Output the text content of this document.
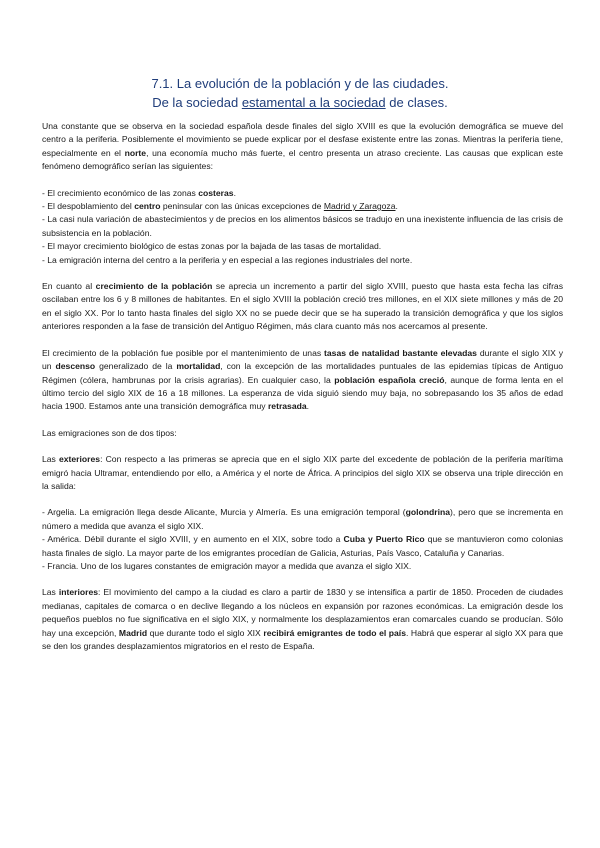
7.1. La evolución de la población y de las ciudades.
De la sociedad estamental a la sociedad de clases.

Una constante que se observa en la sociedad española desde finales del siglo XVIII es que la evolución demográfica se mueve del centro a la periferia. Posiblemente el movimiento se puede explicar por el desfase existente entre las zonas. Mientras la periferia tiene, especialmente en el norte, una economía mucho más fuerte, el centro presenta un atraso creciente. Las causas que explican este fenómeno demográfico serían las siguientes:

- El crecimiento económico de las zonas costeras.
- El despoblamiento del centro peninsular con las únicas excepciones de Madrid y Zaragoza.
- La casi nula variación de abastecimientos y de precios en los alimentos básicos se tradujo en una inexistente influencia de las crisis de subsistencia en la población.
- El mayor crecimiento biológico de estas zonas por la bajada de las tasas de mortalidad.
- La emigración interna del centro a la periferia y en especial a las regiones industriales del norte.

En cuanto al crecimiento de la población se aprecia un incremento a partir del siglo XVIII, puesto que hasta esta fecha las cifras oscilaban entre los 6 y 8 millones de habitantes. En el siglo XVIII la población creció tres millones, en el XIX siete millones y más de 20 en el siglo XX. Por lo tanto hasta finales del siglo XX no se puede decir que se ha superado la transición demográfica y que los siglos anteriores responden a la fase de transición del Antiguo Régimen, más clara cuanto más nos acercamos al presente.

El crecimiento de la población fue posible por el mantenimiento de unas tasas de natalidad bastante elevadas durante el siglo XIX y un descenso generalizado de la mortalidad, con la excepción de las mortalidades puntuales de las epidemias típicas de Antiguo Régimen (cólera, hambrunas por la crisis agrarias). En cualquier caso, la población española creció, aunque de forma lenta en el último tercio del siglo XIX de 16 a 18 millones. La esperanza de vida siguió siendo muy baja, no sobrepasando los 35 años de edad hacia 1900. Estamos ante una transición demográfica muy retrasada.

Las emigraciones son de dos tipos:

Las exteriores: Con respecto a las primeras se aprecia que en el siglo XIX parte del excedente de población de la periferia marítima emigró hacia Ultramar, entendiendo por ello, a América y el norte de África. A principios del siglo XIX se observa una triple dirección en la salida:

- Argelia. La emigración llega desde Alicante, Murcia y Almería. Es una emigración temporal (golondrina), pero que se incrementa en número a medida que avanza el siglo XIX.
- América. Débil durante el siglo XVIII, y en aumento en el XIX, sobre todo a Cuba y Puerto Rico que se mantuvieron como colonias hasta finales de siglo. La mayor parte de los emigrantes procedían de Galicia, Asturias, País Vasco, Cataluña y Canarias.
- Francia. Uno de los lugares constantes de emigración mayor a medida que avanza el siglo XIX.

Las interiores: El movimiento del campo a la ciudad es claro a partir de 1830 y se intensifica a partir de 1850. Proceden de ciudades medianas, capitales de comarca o en declive llegando a los núcleos en expansión por razones económicas. La emigración desde los pequeños pueblos no fue significativa en el siglo XIX, y normalmente los desplazamientos eran comarcales cuando se producían. Sólo hay una excepción, Madrid que durante todo el siglo XIX recibirá emigrantes de todo el país. Habrá que esperar al siglo XX para que se den los grandes desplazamientos migratorios en el resto de España.
